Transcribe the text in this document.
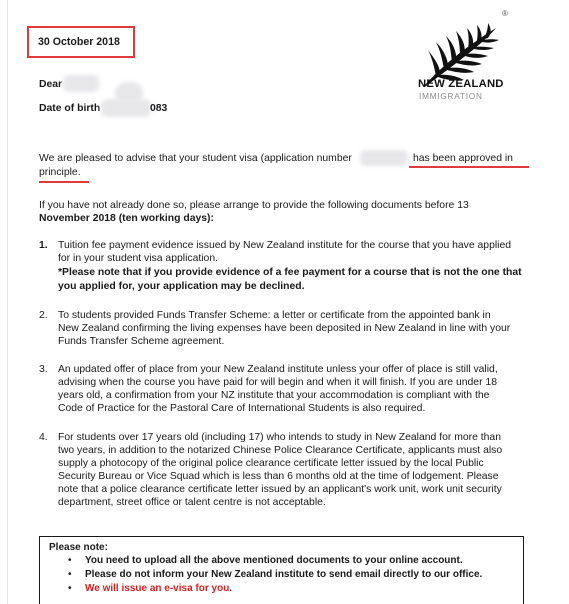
NEW ZEALAND
IMMIGRATION
®
30 October 2018
Dear
Date of birth	083
We are pleased to advise that your student visa (application number	has been approved in
principle.
If you have not already done so, please arrange to provide the following documents before 13
November 2018 (ten working days):
1. Tuition fee payment evidence issued by New Zealand institute for the course that you have applied
for in your student visa application.
*Please note that if you provide evidence of a fee payment for a course that is not the one that
you applied for, your application may be declined.
2. To students provided Funds Transfer Scheme: a letter or certificate from the appointed bank in
New Zealand confirming the living expenses have been deposited in New Zealand in line with your
Funds Transfer Scheme agreement.
3. An updated offer of place from your New Zealand institute unless your offer of place is still valid,
advising when the course you have paid for will begin and when it will finish. If you are under 18
years old, a confirmation from your NZ institute that your accommodation is compliant with the
Code of Practice for the Pastoral Care of International Students is also required.
4. For students over 17 years old (including 17) who intends to study in New Zealand for more than
two years, in addition to the notarized Chinese Police Clearance Certificate, applicants must also
supply a photocopy of the original police clearance certificate letter issued by the local Public
Security Bureau or Vice Squad which is less than 6 months old at the time of lodgement. Please
note that a police clearance certificate letter issued by an applicant's work unit, work unit security
department, street office or talent centre is not acceptable.
Please note:
• You need to upload all the above mentioned documents to your online account.
• Please do not inform your New Zealand institute to send email directly to our office.
• We will issue an e-visa for you.
